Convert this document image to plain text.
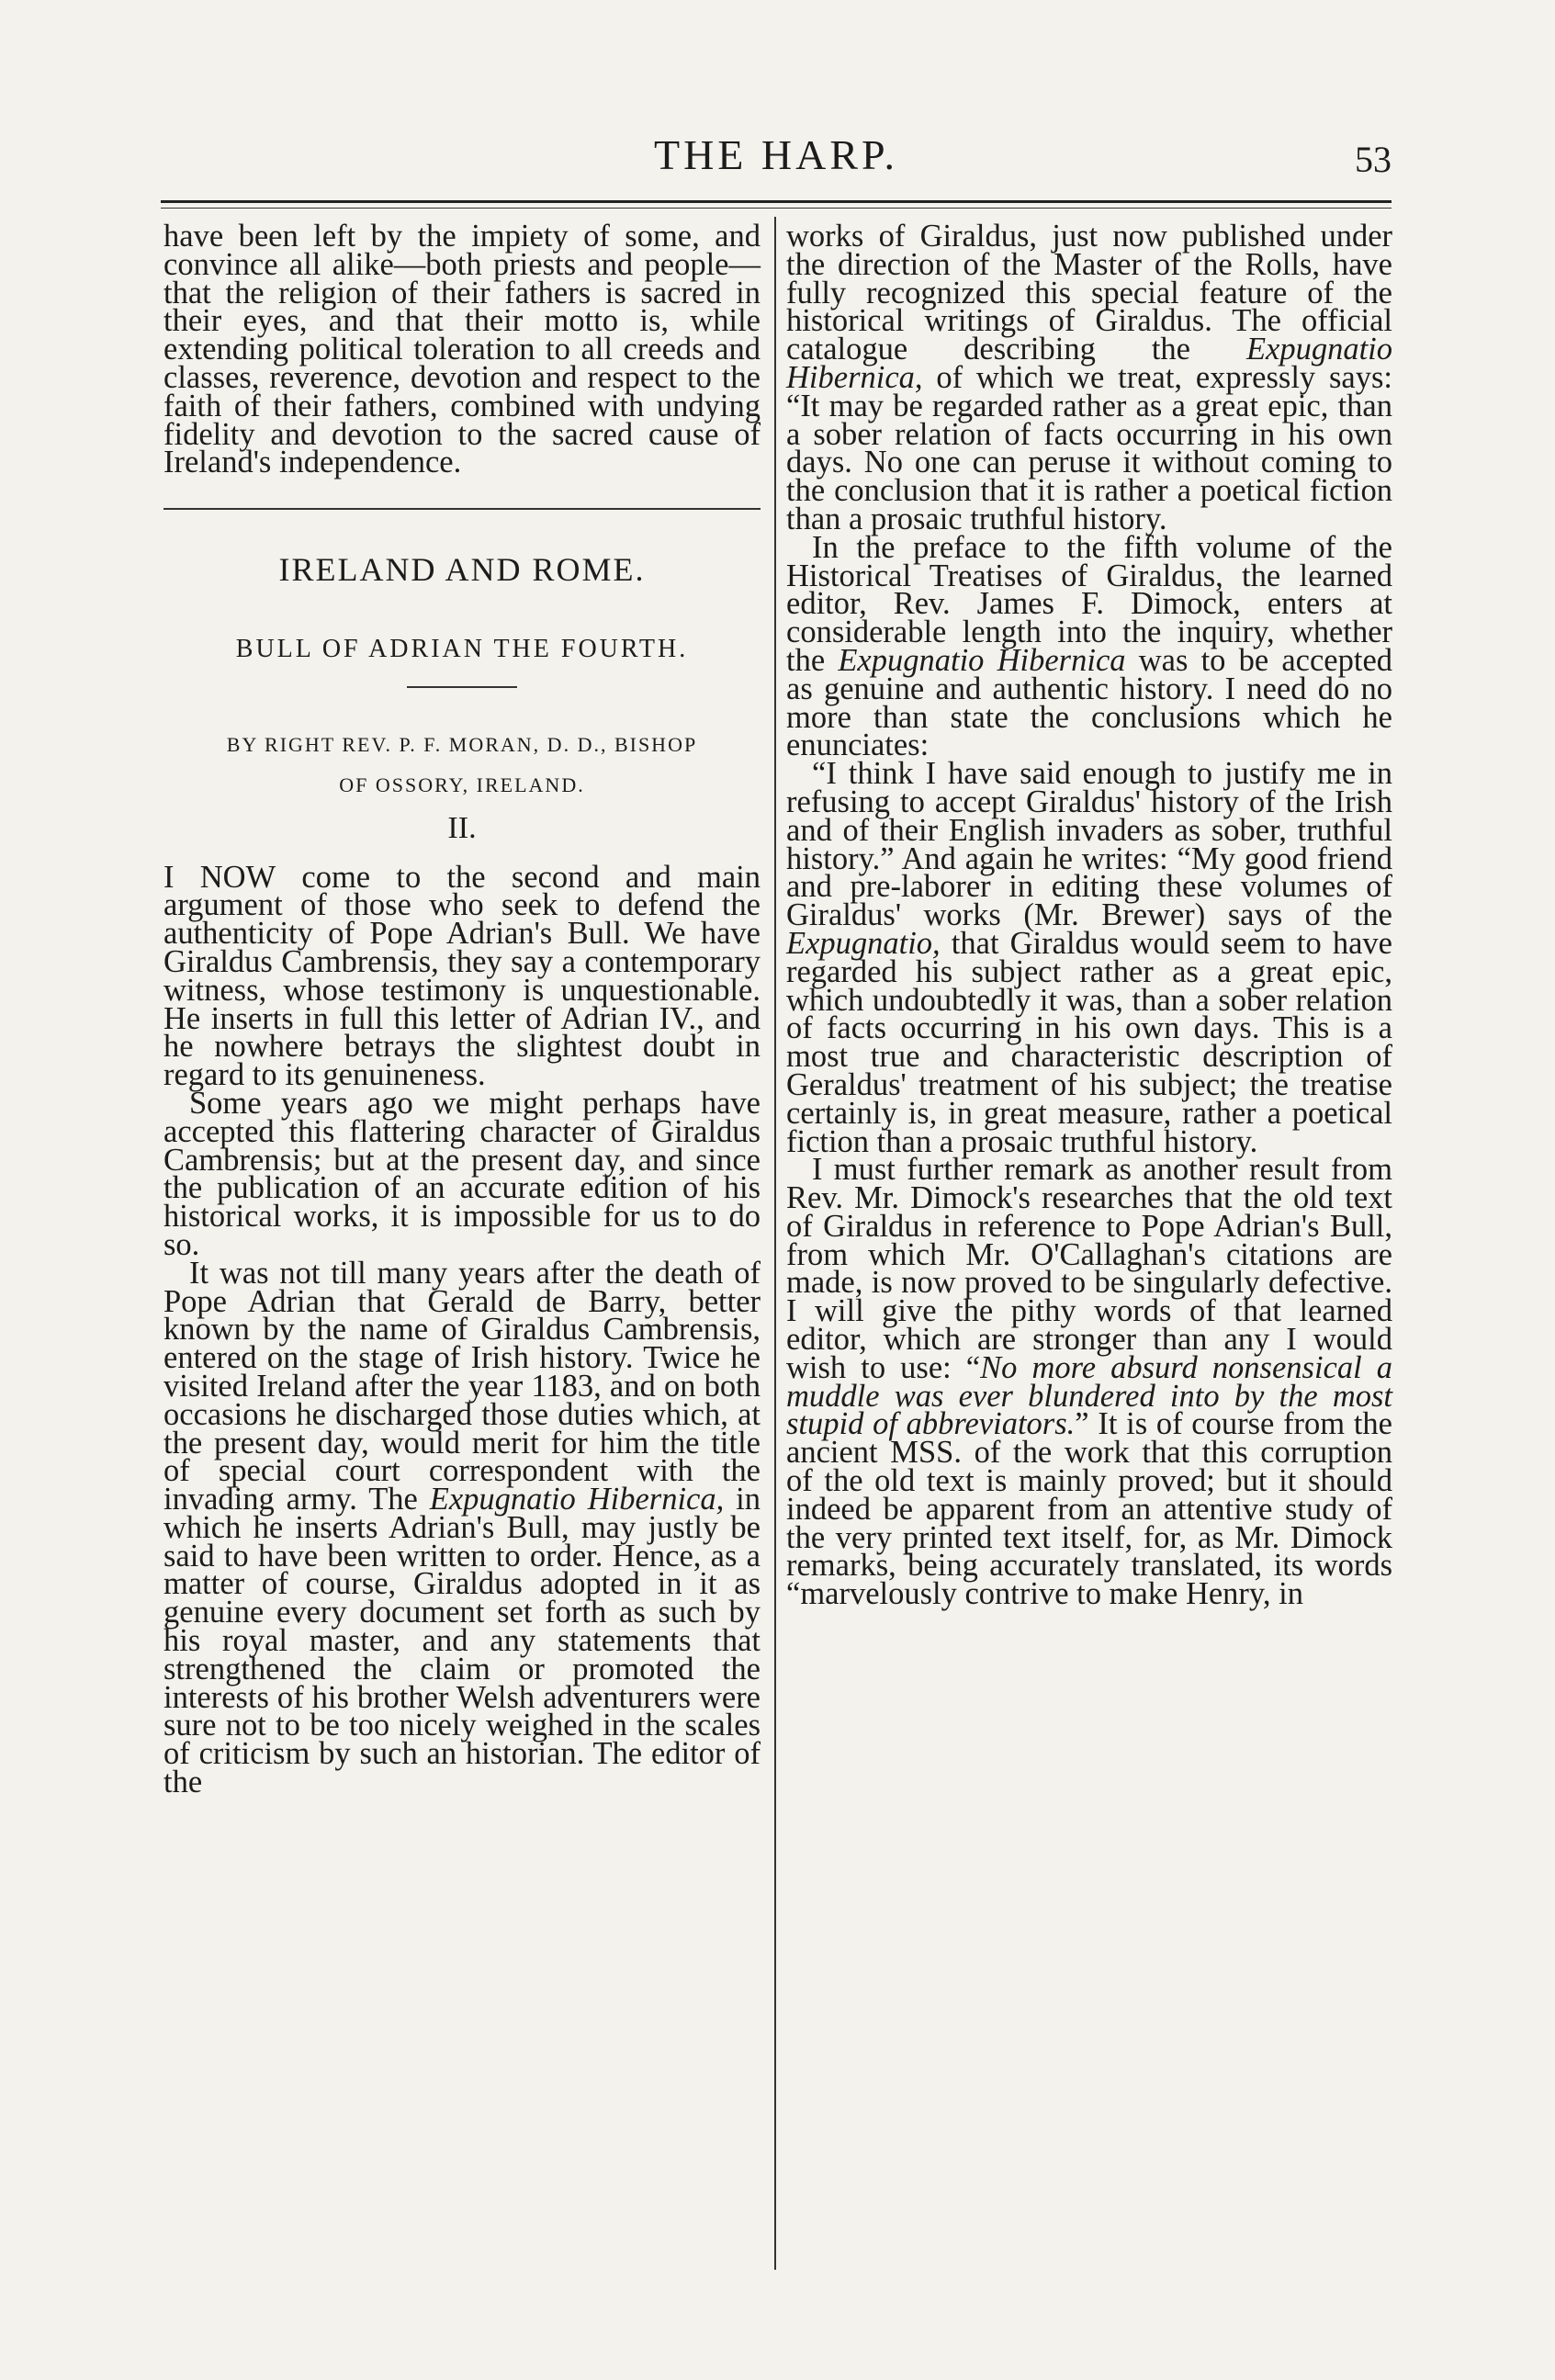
THE HARP.	53

have been left by the impiety of some, and convince all alike—both priests and people—that the religion of their fathers is sacred in their eyes, and that their motto is, while extending political toleration to all creeds and classes, reverence, devotion and respect to the faith of their fathers, combined with undying fidelity and devotion to the sacred cause of Ireland's independence.

IRELAND AND ROME.
BULL OF ADRIAN THE FOURTH.
BY RIGHT REV. P. F. MORAN, D. D., BISHOP
OF OSSORY, IRELAND.
II.

I NOW come to the second and main argument of those who seek to defend the authenticity of Pope Adrian's Bull. We have Giraldus Cambrensis, they say a contemporary witness, whose testimony is unquestionable. He inserts in full this letter of Adrian IV., and he nowhere betrays the slightest doubt in regard to its genuineness.

Some years ago we might perhaps have accepted this flattering character of Giraldus Cambrensis; but at the present day, and since the publication of an accurate edition of his historical works, it is impossible for us to do so.

It was not till many years after the death of Pope Adrian that Gerald de Barry, better known by the name of Giraldus Cambrensis, entered on the stage of Irish history. Twice he visited Ireland after the year 1183, and on both occasions he discharged those duties which, at the present day, would merit for him the title of special court correspondent with the invading army. The Expugnatio Hibernica, in which he inserts Adrian's Bull, may justly be said to have been written to order. Hence, as a matter of course, Giraldus adopted in it as genuine every document set forth as such by his royal master, and any statements that strengthened the claim or promoted the interests of his brother Welsh adventurers were sure not to be too nicely weighed in the scales of criticism by such an historian. The editor of the

works of Giraldus, just now published under the direction of the Master of the Rolls, have fully recognized this special feature of the historical writings of Giraldus. The official catalogue describing the Expugnatio Hibernica, of which we treat, expressly says: “It may be regarded rather as a great epic, than a sober relation of facts occurring in his own days. No one can peruse it without coming to the conclusion that it is rather a poetical fiction than a prosaic truthful history.

In the preface to the fifth volume of the Historical Treatises of Giraldus, the learned editor, Rev. James F. Dimock, enters at considerable length into the inquiry, whether the Expugnatio Hibernica was to be accepted as genuine and authentic history. I need do no more than state the conclusions which he enunciates:

“I think I have said enough to justify me in refusing to accept Giraldus' history of the Irish and of their English invaders as sober, truthful history.” And again he writes: “My good friend and pre-laborer in editing these volumes of Giraldus' works (Mr. Brewer) says of the Expugnatio, that Giraldus would seem to have regarded his subject rather as a great epic, which undoubtedly it was, than a sober relation of facts occurring in his own days. This is a most true and characteristic description of Geraldus' treatment of his subject; the treatise certainly is, in great measure, rather a poetical fiction than a prosaic truthful history.

I must further remark as another result from Rev. Mr. Dimock's researches that the old text of Giraldus in reference to Pope Adrian's Bull, from which Mr. O'Callaghan's citations are made, is now proved to be singularly defective. I will give the pithy words of that learned editor, which are stronger than any I would wish to use: “No more absurd nonsensical a muddle was ever blundered into by the most stupid of abbreviators.” It is of course from the ancient MSS. of the work that this corruption of the old text is mainly proved; but it should indeed be apparent from an attentive study of the very printed text itself, for, as Mr. Dimock remarks, being accurately translated, its words “marvelously contrive to make Henry, in
